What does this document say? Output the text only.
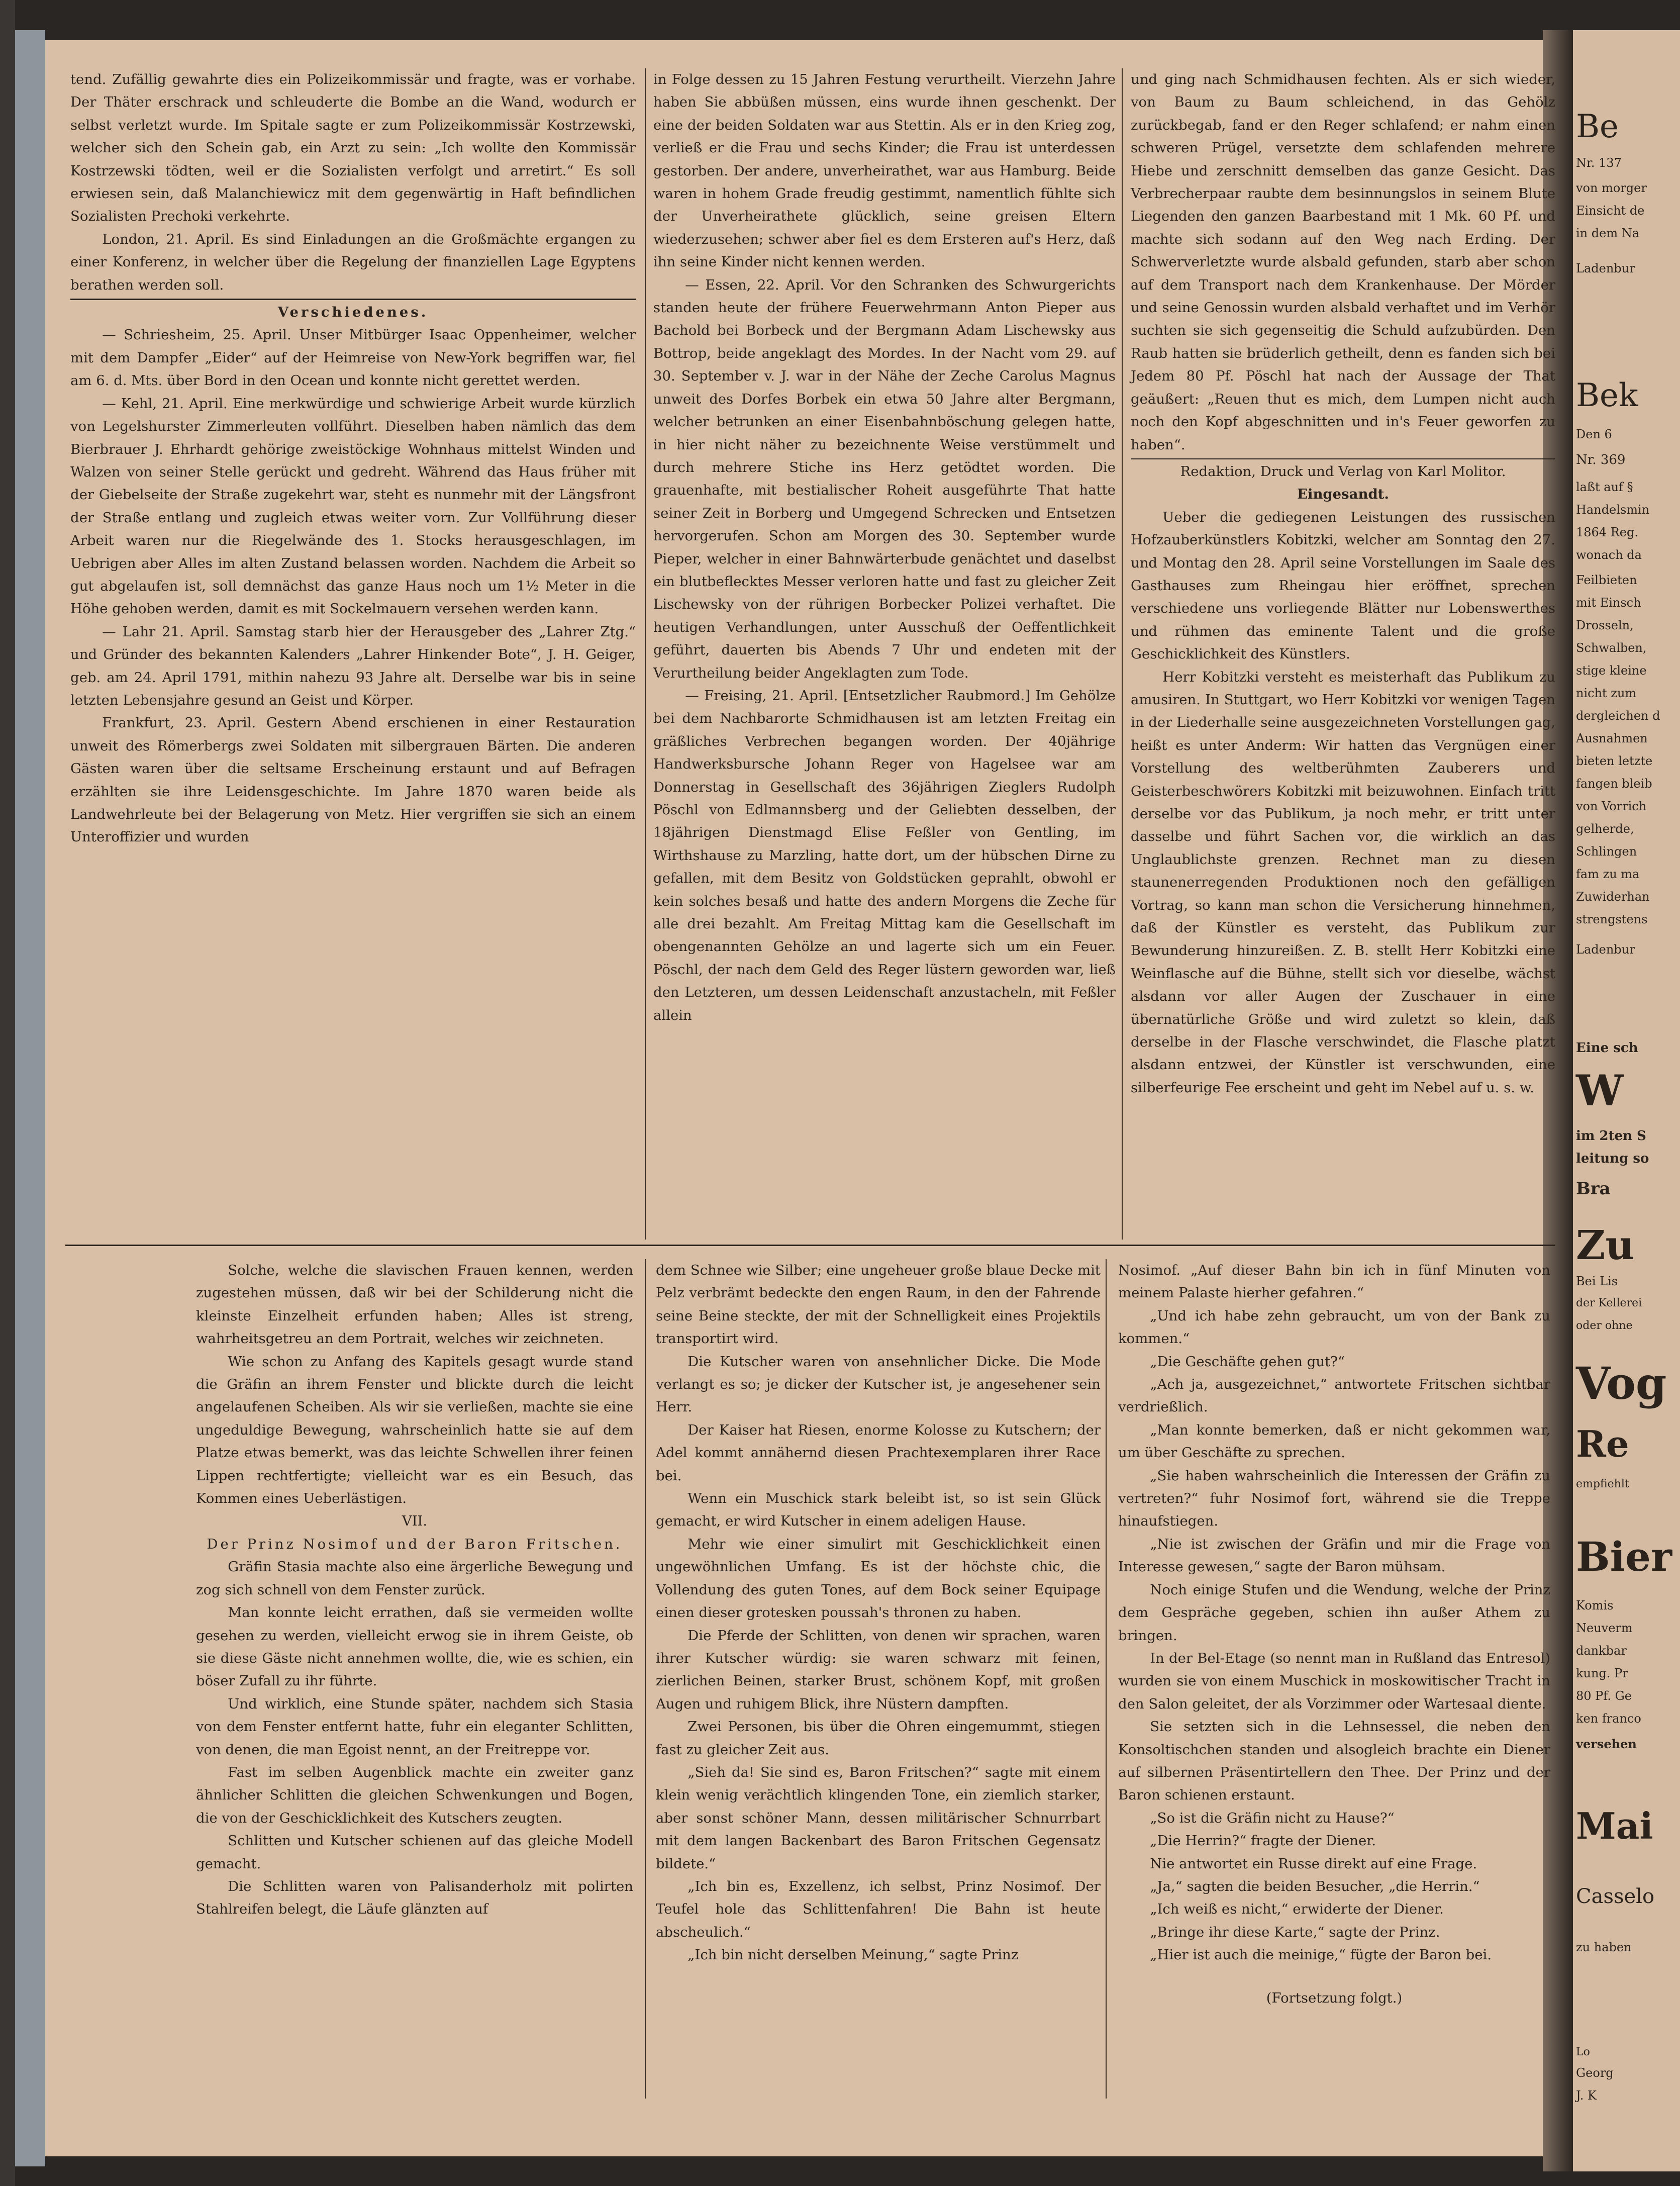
tend. Zufällig gewahrte dies ein Polizeikommissär und fragte, was er vorhabe. Der Thäter erschrack und schleuderte die Bombe an die Wand, wodurch er selbst verletzt wurde. Im Spitale sagte er zum Polizeikommissär Kostrzewski, welcher sich den Schein gab, ein Arzt zu sein: „Ich wollte den Kommissär Kostrzewski tödten, weil er die Sozialisten verfolgt und arretirt.“ Es soll erwiesen sein, daß Malanchiewicz mit dem gegenwärtig in Haft befindlichen Sozialisten Prechoki verkehrte.

London, 21. April. Es sind Einladungen an die Großmächte ergangen zu einer Konferenz, in welcher über die Regelung der finanziellen Lage Egyptens berathen werden soll.

Verschiedenes.

— Schriesheim, 25. April. Unser Mitbürger Isaac Oppenheimer, welcher mit dem Dampfer „Eider“ auf der Heimreise von New-York begriffen war, fiel am 6. d. Mts. über Bord in den Ocean und konnte nicht gerettet werden.

— Kehl, 21. April. Eine merkwürdige und schwierige Arbeit wurde kürzlich von Legelshurster Zimmerleuten vollführt. Dieselben haben nämlich das dem Bierbrauer J. Ehrhardt gehörige zweistöckige Wohnhaus mittelst Winden und Walzen von seiner Stelle gerückt und gedreht. Während das Haus früher mit der Giebelseite der Straße zugekehrt war, steht es nunmehr mit der Längsfront der Straße entlang und zugleich etwas weiter vorn. Zur Vollführung dieser Arbeit waren nur die Riegelwände des 1. Stocks herausgeschlagen, im Uebrigen aber Alles im alten Zustand belassen worden. Nachdem die Arbeit so gut abgelaufen ist, soll demnächst das ganze Haus noch um 1½ Meter in die Höhe gehoben werden, damit es mit Sockelmauern versehen werden kann.

— Lahr 21. April. Samstag starb hier der Herausgeber des „Lahrer Ztg.“ und Gründer des bekannten Kalenders „Lahrer Hinkender Bote“, J. H. Geiger, geb. am 24. April 1791, mithin nahezu 93 Jahre alt. Derselbe war bis in seine letzten Lebensjahre gesund an Geist und Körper.

Frankfurt, 23. April. Gestern Abend erschienen in einer Restauration unweit des Römerbergs zwei Soldaten mit silbergrauen Bärten. Die anderen Gästen waren über die seltsame Erscheinung erstaunt und auf Befragen erzählten sie ihre Leidensgeschichte. Im Jahre 1870 waren beide als Landwehrleute bei der Belagerung von Metz. Hier vergriffen sie sich an einem Unteroffizier und wurden

in Folge dessen zu 15 Jahren Festung verurtheilt. Vierzehn Jahre haben Sie abbüßen müssen, eins wurde ihnen geschenkt. Der eine der beiden Soldaten war aus Stettin. Als er in den Krieg zog, verließ er die Frau und sechs Kinder; die Frau ist unterdessen gestorben. Der andere, unverheirathet, war aus Hamburg. Beide waren in hohem Grade freudig gestimmt, namentlich fühlte sich der Unverheirathete glücklich, seine greisen Eltern wiederzusehen; schwer aber fiel es dem Ersteren auf's Herz, daß ihn seine Kinder nicht kennen werden.

— Essen, 22. April. Vor den Schranken des Schwurgerichts standen heute der frühere Feuerwehrmann Anton Pieper aus Bachold bei Borbeck und der Bergmann Adam Lischewsky aus Bottrop, beide angeklagt des Mordes. In der Nacht vom 29. auf 30. September v. J. war in der Nähe der Zeche Carolus Magnus unweit des Dorfes Borbek ein etwa 50 Jahre alter Bergmann, welcher betrunken an einer Eisenbahnböschung gelegen hatte, in hier nicht näher zu bezeichnente Weise verstümmelt und durch mehrere Stiche ins Herz getödtet worden. Die grauenhafte, mit bestialischer Roheit ausgeführte That hatte seiner Zeit in Borberg und Umgegend Schrecken und Entsetzen hervorgerufen. Schon am Morgen des 30. September wurde Pieper, welcher in einer Bahnwärterbude genächtet und daselbst ein blutbeflecktes Messer verloren hatte und fast zu gleicher Zeit Lischewsky von der rührigen Borbecker Polizei verhaftet. Die heutigen Verhandlungen, unter Ausschuß der Oeffentlichkeit geführt, dauerten bis Abends 7 Uhr und endeten mit der Verurtheilung beider Angeklagten zum Tode.

— Freising, 21. April. [Entsetzlicher Raubmord.] Im Gehölze bei dem Nachbarorte Schmidhausen ist am letzten Freitag ein gräßliches Verbrechen begangen worden. Der 40jährige Handwerksbursche Johann Reger von Hagelsee war am Donnerstag in Gesellschaft des 36jährigen Zieglers Rudolph Pöschl von Edlmannsberg und der Geliebten desselben, der 18jährigen Dienstmagd Elise Feßler von Gentling, im Wirthshause zu Marzling, hatte dort, um der hübschen Dirne zu gefallen, mit dem Besitz von Goldstücken geprahlt, obwohl er kein solches besaß und hatte des andern Morgens die Zeche für alle drei bezahlt. Am Freitag Mittag kam die Gesellschaft im obengenannten Gehölze an und lagerte sich um ein Feuer. Pöschl, der nach dem Geld des Reger lüstern geworden war, ließ den Letzteren, um dessen Leidenschaft anzustacheln, mit Feßler allein

und ging nach Schmidhausen fechten. Als er sich wieder, von Baum zu Baum schleichend, in das Gehölz zurückbegab, fand er den Reger schlafend; er nahm einen schweren Prügel, versetzte dem schlafenden mehrere Hiebe und zerschnitt demselben das ganze Gesicht. Das Verbrecherpaar raubte dem besinnungslos in seinem Blute Liegenden den ganzen Baarbestand mit 1 Mk. 60 Pf. und machte sich sodann auf den Weg nach Erding. Der Schwerverletzte wurde alsbald gefunden, starb aber schon auf dem Transport nach dem Krankenhause. Der Mörder und seine Genossin wurden alsbald verhaftet und im Verhör suchten sie sich gegenseitig die Schuld aufzubürden. Den Raub hatten sie brüderlich getheilt, denn es fanden sich bei Jedem 80 Pf. Pöschl hat nach der Aussage der That geäußert: „Reuen thut es mich, dem Lumpen nicht auch noch den Kopf abgeschnitten und in's Feuer geworfen zu haben“.

Redaktion, Druck und Verlag von Karl Molitor.

Eingesandt.

Ueber die gediegenen Leistungen des russischen Hofzauberkünstlers Kobitzki, welcher am Sonntag den 27. und Montag den 28. April seine Vorstellungen im Saale des Gasthauses zum Rheingau hier eröffnet, sprechen verschiedene uns vorliegende Blätter nur Lobenswerthes und rühmen das eminente Talent und die große Geschicklichkeit des Künstlers.

Herr Kobitzki versteht es meisterhaft das Publikum zu amusiren. In Stuttgart, wo Herr Kobitzki vor wenigen Tagen in der Liederhalle seine ausgezeichneten Vorstellungen gag, heißt es unter Anderm: Wir hatten das Vergnügen einer Vorstellung des weltberühmten Zauberers und Geisterbeschwörers Kobitzki mit beizuwohnen. Einfach tritt derselbe vor das Publikum, ja noch mehr, er tritt unter dasselbe und führt Sachen vor, die wirklich an das Unglaublichste grenzen. Rechnet man zu diesen staunenerregenden Produktionen noch den gefälligen Vortrag, so kann man schon die Versicherung hinnehmen, daß der Künstler es versteht, das Publikum zur Bewunderung hinzureißen. Z. B. stellt Herr Kobitzki eine Weinflasche auf die Bühne, stellt sich vor dieselbe, wächst alsdann vor aller Augen der Zuschauer in eine übernatürliche Größe und wird zuletzt so klein, daß derselbe in der Flasche verschwindet, die Flasche platzt alsdann entzwei, der Künstler ist verschwunden, eine silberfeurige Fee erscheint und geht im Nebel auf u. s. w.

Solche, welche die slavischen Frauen kennen, werden zugestehen müssen, daß wir bei der Schilderung nicht die kleinste Einzelheit erfunden haben; Alles ist streng, wahrheitsgetreu an dem Portrait, welches wir zeichneten.

Wie schon zu Anfang des Kapitels gesagt wurde stand die Gräfin an ihrem Fenster und blickte durch die leicht angelaufenen Scheiben. Als wir sie verließen, machte sie eine ungeduldige Bewegung, wahrscheinlich hatte sie auf dem Platze etwas bemerkt, was das leichte Schwellen ihrer feinen Lippen rechtfertigte; vielleicht war es ein Besuch, das Kommen eines Ueberlästigen.

VII.

Der Prinz Nosimof und der Baron Fritschen.

Gräfin Stasia machte also eine ärgerliche Bewegung und zog sich schnell von dem Fenster zurück.

Man konnte leicht errathen, daß sie vermeiden wollte gesehen zu werden, vielleicht erwog sie in ihrem Geiste, ob sie diese Gäste nicht annehmen wollte, die, wie es schien, ein böser Zufall zu ihr führte.

Und wirklich, eine Stunde später, nachdem sich Stasia von dem Fenster entfernt hatte, fuhr ein eleganter Schlitten, von denen, die man Egoist nennt, an der Freitreppe vor.

Fast im selben Augenblick machte ein zweiter ganz ähnlicher Schlitten die gleichen Schwenkungen und Bogen, die von der Geschicklichkeit des Kutschers zeugten.

Schlitten und Kutscher schienen auf das gleiche Modell gemacht.

Die Schlitten waren von Palisanderholz mit polirten Stahlreifen belegt, die Läufe glänzten auf

dem Schnee wie Silber; eine ungeheuer große blaue Decke mit Pelz verbrämt bedeckte den engen Raum, in den der Fahrende seine Beine steckte, der mit der Schnelligkeit eines Projektils transportirt wird.

Die Kutscher waren von ansehnlicher Dicke. Die Mode verlangt es so; je dicker der Kutscher ist, je angesehener sein Herr.

Der Kaiser hat Riesen, enorme Kolosse zu Kutschern; der Adel kommt annähernd diesen Prachtexemplaren ihrer Race bei.

Wenn ein Muschick stark beleibt ist, so ist sein Glück gemacht, er wird Kutscher in einem adeligen Hause.

Mehr wie einer simulirt mit Geschicklichkeit einen ungewöhnlichen Umfang. Es ist der höchste chic, die Vollendung des guten Tones, auf dem Bock seiner Equipage einen dieser grotesken poussah's thronen zu haben.

Die Pferde der Schlitten, von denen wir sprachen, waren ihrer Kutscher würdig: sie waren schwarz mit feinen, zierlichen Beinen, starker Brust, schönem Kopf, mit großen Augen und ruhigem Blick, ihre Nüstern dampften.

Zwei Personen, bis über die Ohren eingemummt, stiegen fast zu gleicher Zeit aus.

„Sieh da! Sie sind es, Baron Fritschen?“ sagte mit einem klein wenig verächtlich klingenden Tone, ein ziemlich starker, aber sonst schöner Mann, dessen militärischer Schnurrbart mit dem langen Backenbart des Baron Fritschen Gegensatz bildete.“

„Ich bin es, Exzellenz, ich selbst, Prinz Nosimof. Der Teufel hole das Schlittenfahren! Die Bahn ist heute abscheulich.“

„Ich bin nicht derselben Meinung,“ sagte Prinz

Nosimof. „Auf dieser Bahn bin ich in fünf Minuten von meinem Palaste hierher gefahren.“

„Und ich habe zehn gebraucht, um von der Bank zu kommen.“

„Die Geschäfte gehen gut?“

„Ach ja, ausgezeichnet,“ antwortete Fritschen sichtbar verdrießlich.

„Man konnte bemerken, daß er nicht gekommen war, um über Geschäfte zu sprechen.

„Sie haben wahrscheinlich die Interessen der Gräfin zu vertreten?“ fuhr Nosimof fort, während sie die Treppe hinaufstiegen.

„Nie ist zwischen der Gräfin und mir die Frage von Interesse gewesen,“ sagte der Baron mühsam.

Noch einige Stufen und die Wendung, welche der Prinz dem Gespräche gegeben, schien ihn außer Athem zu bringen.

In der Bel-Etage (so nennt man in Rußland das Entresol) wurden sie von einem Muschick in moskowitischer Tracht in den Salon geleitet, der als Vorzimmer oder Wartesaal diente.

Sie setzten sich in die Lehnsessel, die neben den Konsoltischchen standen und alsogleich brachte ein Diener auf silbernen Präsentirtellern den Thee. Der Prinz und der Baron schienen erstaunt.

„So ist die Gräfin nicht zu Hause?“

„Die Herrin?“ fragte der Diener.

Nie antwortet ein Russe direkt auf eine Frage.

„Ja,“ sagten die beiden Besucher, „die Herrin.“

„Ich weiß es nicht,“ erwiderte der Diener.

„Bringe ihr diese Karte,“ sagte der Prinz.

„Hier ist auch die meinige,“ fügte der Baron bei.

(Fortsetzung folgt.)

Be
Nr. 137
von morger
Einsicht de
in dem Na
Ladenbur
Bek
Den 6
Nr. 369
laßt auf §
Handelsmin
1864 Reg.
wonach da
Feilbieten
mit Einsch
Drosseln,
Schwalben,
stige kleine
nicht zum
dergleichen d
Ausnahmen
bieten letzte
fangen bleib
von Vorrich
gelherde,
Schlingen
fam zu ma
Zuwiderhan
strengstens
Ladenbur
Eine sch
W
im 2ten S
leitung so
Bra
Zu
Bei Lis
der Kellerei
oder ohne
Vog
Re
empfiehlt
Bier
Komis
Neuverm
dankbar
kung. Pr
80 Pf. Ge
ken franco
versehen
Mai
Casselo
zu haben
Lo
Georg
J. K
